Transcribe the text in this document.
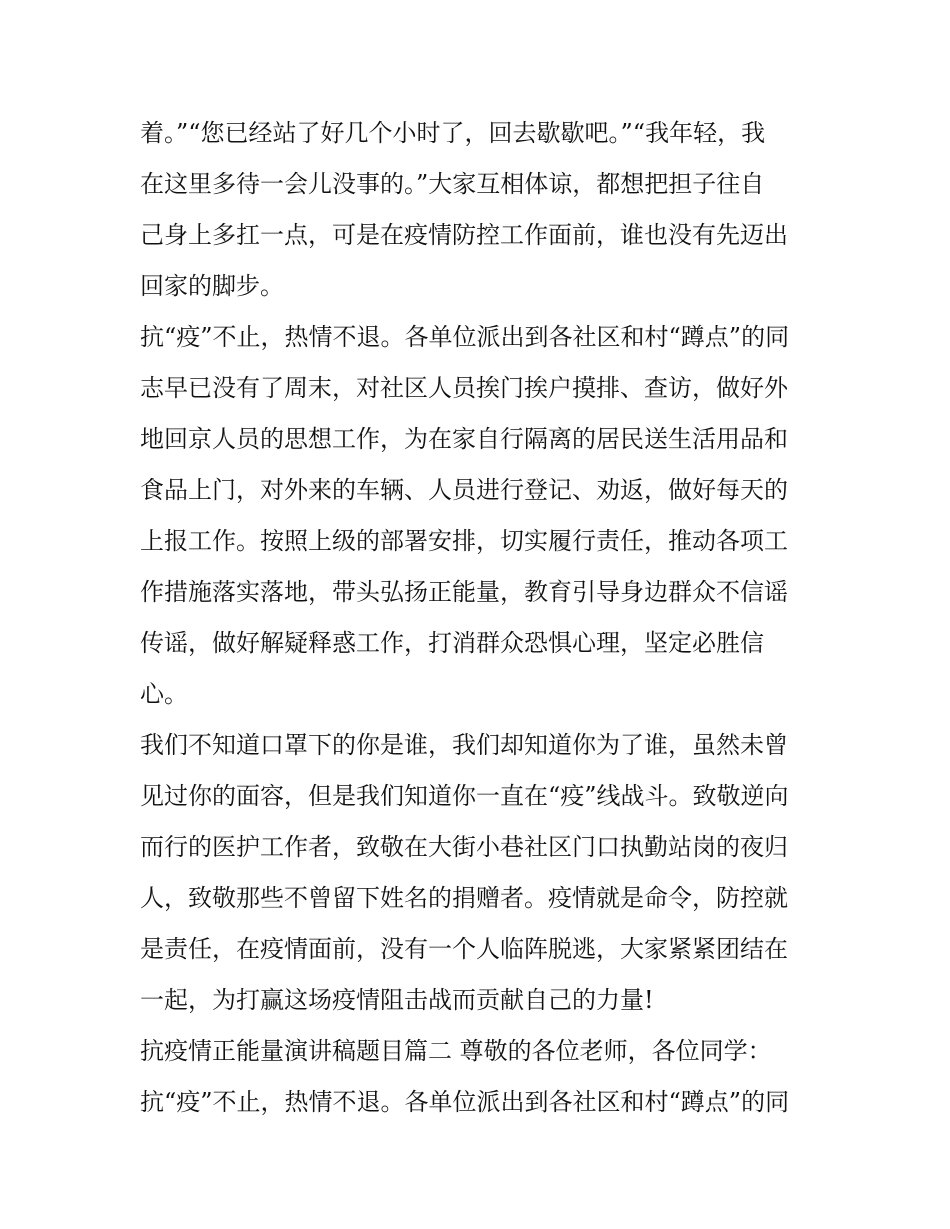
着。”“您已经站了好几个小时了，回去歇歇吧。”“我年轻，我
在这里多待一会儿没事的。”大家互相体谅，都想把担子往自
己身上多扛一点，可是在疫情防控工作面前，谁也没有先迈出
回家的脚步。
抗“疫”不止，热情不退。各单位派出到各社区和村“蹲点”的同
志早已没有了周末，对社区人员挨门挨户摸排、查访，做好外
地回京人员的思想工作，为在家自行隔离的居民送生活用品和
食品上门，对外来的车辆、人员进行登记、劝返，做好每天的
上报工作。按照上级的部署安排，切实履行责任，推动各项工
作措施落实落地，带头弘扬正能量，教育引导身边群众不信谣
传谣，做好解疑释惑工作，打消群众恐惧心理，坚定必胜信
心。
我们不知道口罩下的你是谁，我们却知道你为了谁，虽然未曾
见过你的面容，但是我们知道你一直在“疫”线战斗。致敬逆向
而行的医护工作者，致敬在大街小巷社区门口执勤站岗的夜归
人，致敬那些不曾留下姓名的捐赠者。疫情就是命令，防控就
是责任，在疫情面前，没有一个人临阵脱逃，大家紧紧团结在
一起，为打赢这场疫情阻击战而贡献自己的力量!
抗疫情正能量演讲稿题目篇二 尊敬的各位老师，各位同学：
抗“疫”不止，热情不退。各单位派出到各社区和村“蹲点”的同
